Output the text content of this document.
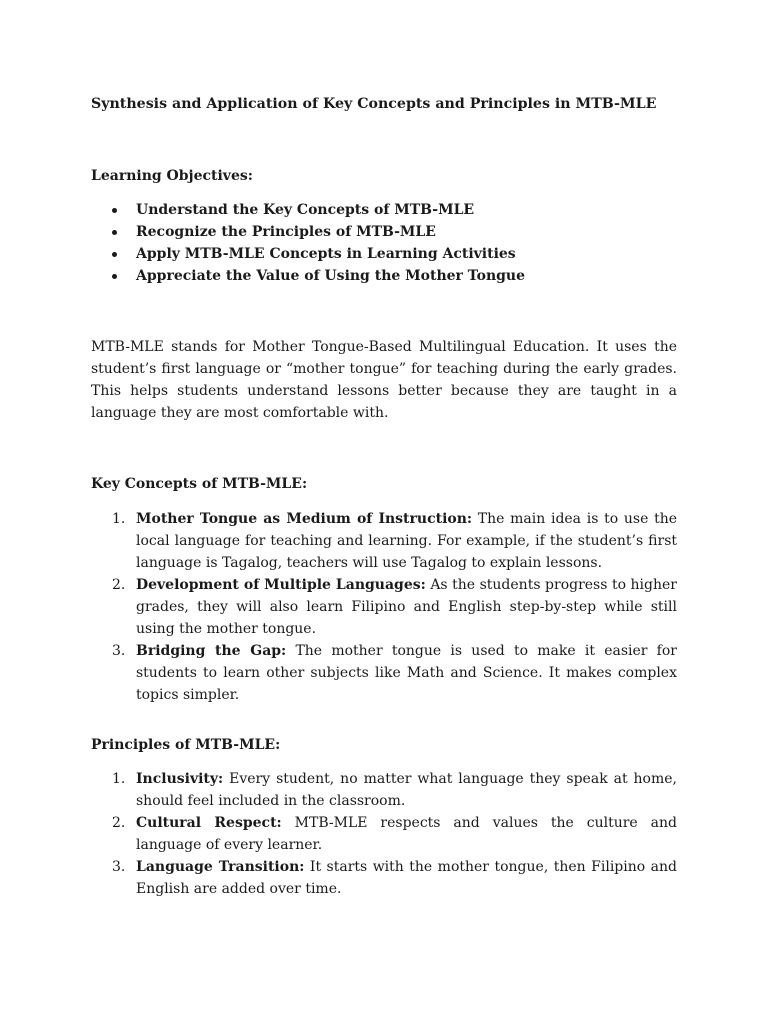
Synthesis and Application of Key Concepts and Principles in MTB-MLE
Learning Objectives:
Understand the Key Concepts of MTB-MLE
Recognize the Principles of MTB-MLE
Apply MTB-MLE Concepts in Learning Activities
Appreciate the Value of Using the Mother Tongue

MTB-MLE stands for Mother Tongue-Based Multilingual Education. It uses the student’s first language or “mother tongue” for teaching during the early grades. This helps students understand lessons better because they are taught in a language they are most comfortable with.

Key Concepts of MTB-MLE:
1. Mother Tongue as Medium of Instruction: The main idea is to use the local language for teaching and learning. For example, if the student’s first language is Tagalog, teachers will use Tagalog to explain lessons.
2. Development of Multiple Languages: As the students progress to higher grades, they will also learn Filipino and English step-by-step while still using the mother tongue.
3. Bridging the Gap: The mother tongue is used to make it easier for students to learn other subjects like Math and Science. It makes complex topics simpler.
Principles of MTB-MLE:
1. Inclusivity: Every student, no matter what language they speak at home, should feel included in the classroom.
2. Cultural Respect: MTB-MLE respects and values the culture and language of every learner.
3. Language Transition: It starts with the mother tongue, then Filipino and English are added over time.
